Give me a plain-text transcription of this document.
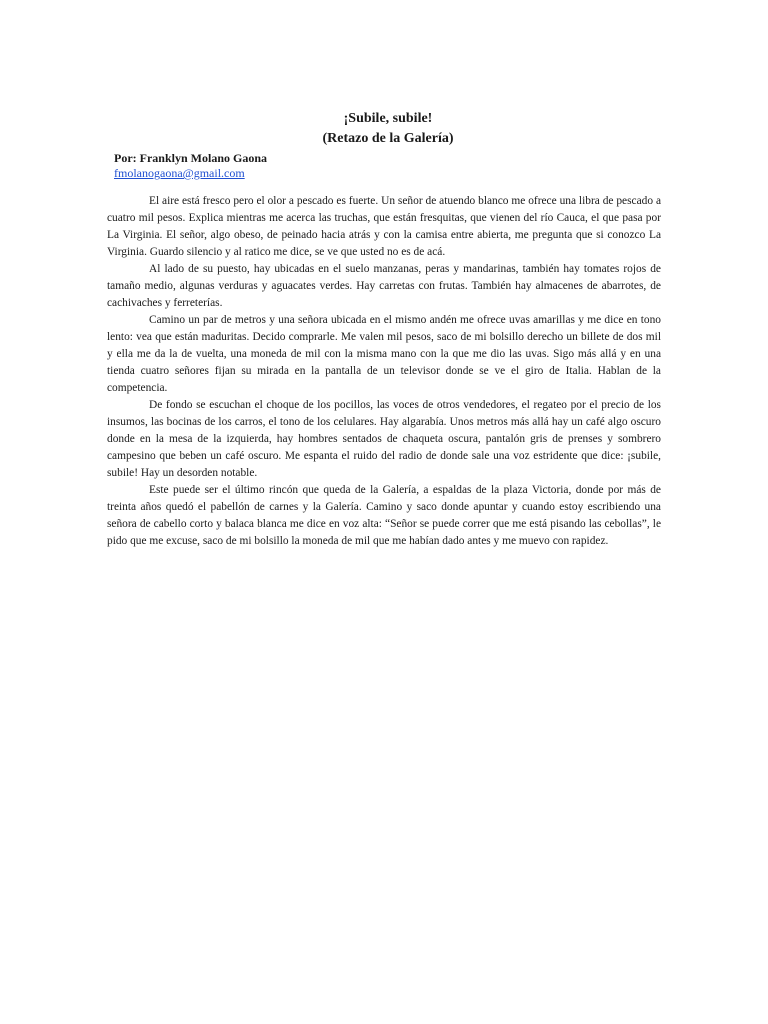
¡Subile, subile!
(Retazo de la Galería)
Por: Franklyn Molano Gaona
fmolanogaona@gmail.com

El aire está fresco pero el olor a pescado es fuerte. Un señor de atuendo blanco me ofrece una libra de pescado a cuatro mil pesos. Explica mientras me acerca las truchas, que están fresquitas, que vienen del río Cauca, el que pasa por La Virginia. El señor, algo obeso, de peinado hacia atrás y con la camisa entre abierta, me pregunta que si conozco La Virginia. Guardo silencio y al ratico me dice, se ve que usted no es de acá.

Al lado de su puesto, hay ubicadas en el suelo manzanas, peras y mandarinas, también hay tomates rojos de tamaño medio, algunas verduras y aguacates verdes. Hay carretas con frutas. También hay almacenes de abarrotes, de cachivaches y ferreterías.

Camino un par de metros y una señora ubicada en el mismo andén me ofrece uvas amarillas y me dice en tono lento: vea que están maduritas. Decido comprarle. Me valen mil pesos, saco de mi bolsillo derecho un billete de dos mil y ella me da la de vuelta, una moneda de mil con la misma mano con la que me dio las uvas. Sigo más allá y en una tienda cuatro señores fijan su mirada en la pantalla de un televisor donde se ve el giro de Italia. Hablan de la competencia.

De fondo se escuchan el choque de los pocillos, las voces de otros vendedores, el regateo por el precio de los insumos, las bocinas de los carros, el tono de los celulares. Hay algarabía. Unos metros más allá hay un café algo oscuro donde en la mesa de la izquierda, hay hombres sentados de chaqueta oscura, pantalón gris de prenses y sombrero campesino que beben un café oscuro. Me espanta el ruido del radio de donde sale una voz estridente que dice: ¡subile, subile! Hay un desorden notable.

Este puede ser el último rincón que queda de la Galería, a espaldas de la plaza Victoria, donde por más de treinta años quedó el pabellón de carnes y la Galería. Camino y saco donde apuntar y cuando estoy escribiendo una señora de cabello corto y balaca blanca me dice en voz alta: “Señor se puede correr que me está pisando las cebollas”, le pido que me excuse, saco de mi bolsillo la moneda de mil que me habían dado antes y me muevo con rapidez.
